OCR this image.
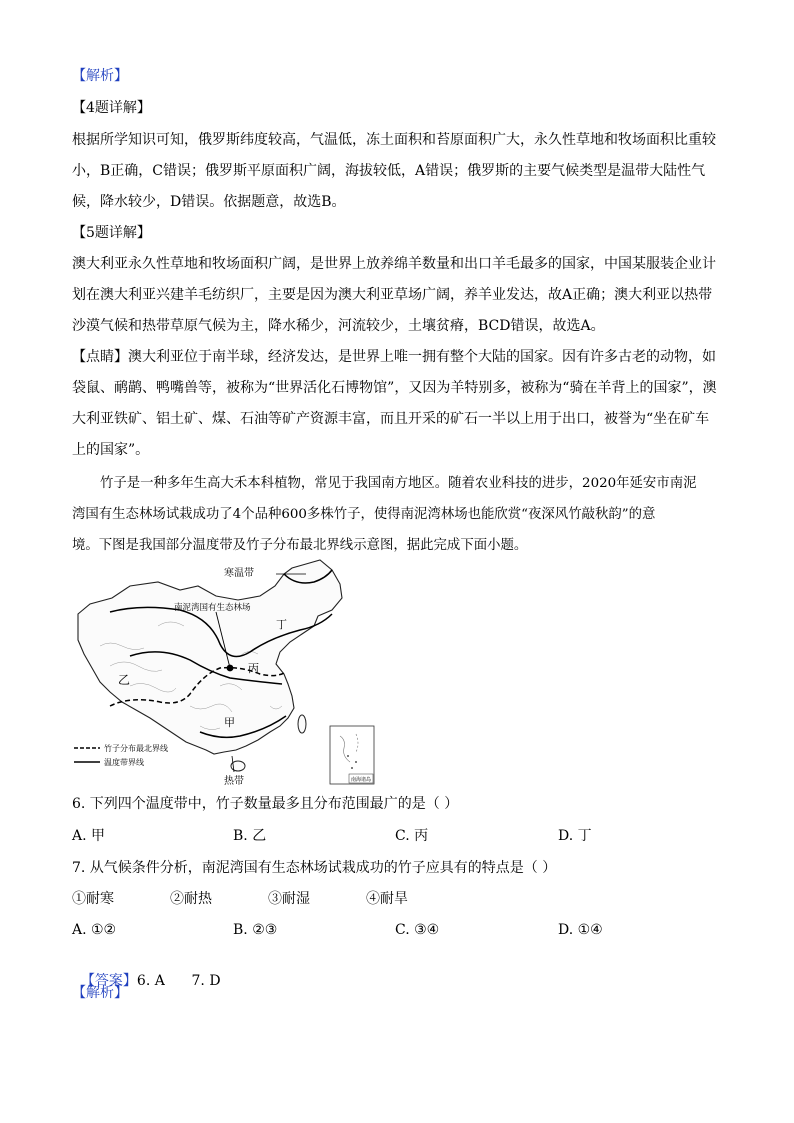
【解析】
【4题详解】
根据所学知识可知，俄罗斯纬度较高，气温低，冻土面积和苔原面积广大，永久性草地和牧场面积比重较
小，B正确，C错误；俄罗斯平原面积广阔，海拔较低，A错误；俄罗斯的主要气候类型是温带大陆性气
候，降水较少，D错误。依据题意，故选B。
【5题详解】
澳大利亚永久性草地和牧场面积广阔，是世界上放养绵羊数量和出口羊毛最多的国家，中国某服装企业计
划在澳大利亚兴建羊毛纺织厂，主要是因为澳大利亚草场广阔，养羊业发达，故A正确；澳大利亚以热带
沙漠气候和热带草原气候为主，降水稀少，河流较少，土壤贫瘠，BCD错误，故选A。
【点睛】澳大利亚位于南半球，经济发达，是世界上唯一拥有整个大陆的国家。因有许多古老的动物，如
袋鼠、鸸鹋、鸭嘴兽等，被称为“世界活化石博物馆”，又因为羊特别多，被称为“骑在羊背上的国家”，澳
大利亚铁矿、铝土矿、煤、石油等矿产资源丰富，而且开采的矿石一半以上用于出口，被誉为“坐在矿车
上的国家”。
竹子是一种多年生高大禾本科植物，常见于我国南方地区。随着农业科技的进步，2020年延安市南泥
湾国有生态林场试栽成功了4个品种600多株竹子，使得南泥湾林场也能欣赏“夜深风竹敲秋韵”的意
境。下图是我国部分温度带及竹子分布最北界线示意图，据此完成下面小题。
寒温带
南泥湾国有生态林场
丁
丙
乙
甲
热带
竹子分布最北界线
温度带界线
南海诸岛
6. 下列四个温度带中，竹子数量最多且分布范围最广的是（ ）
A. 甲	B. 乙	C. 丙	D. 丁
7. 从气候条件分析，南泥湾国有生态林场试栽成功的竹子应具有的特点是（ ）
①耐寒	②耐热	③耐湿	④耐旱
A. ①②	B. ②③	C. ③④	D. ①④

【答案】6. A      7. D

【解析】
